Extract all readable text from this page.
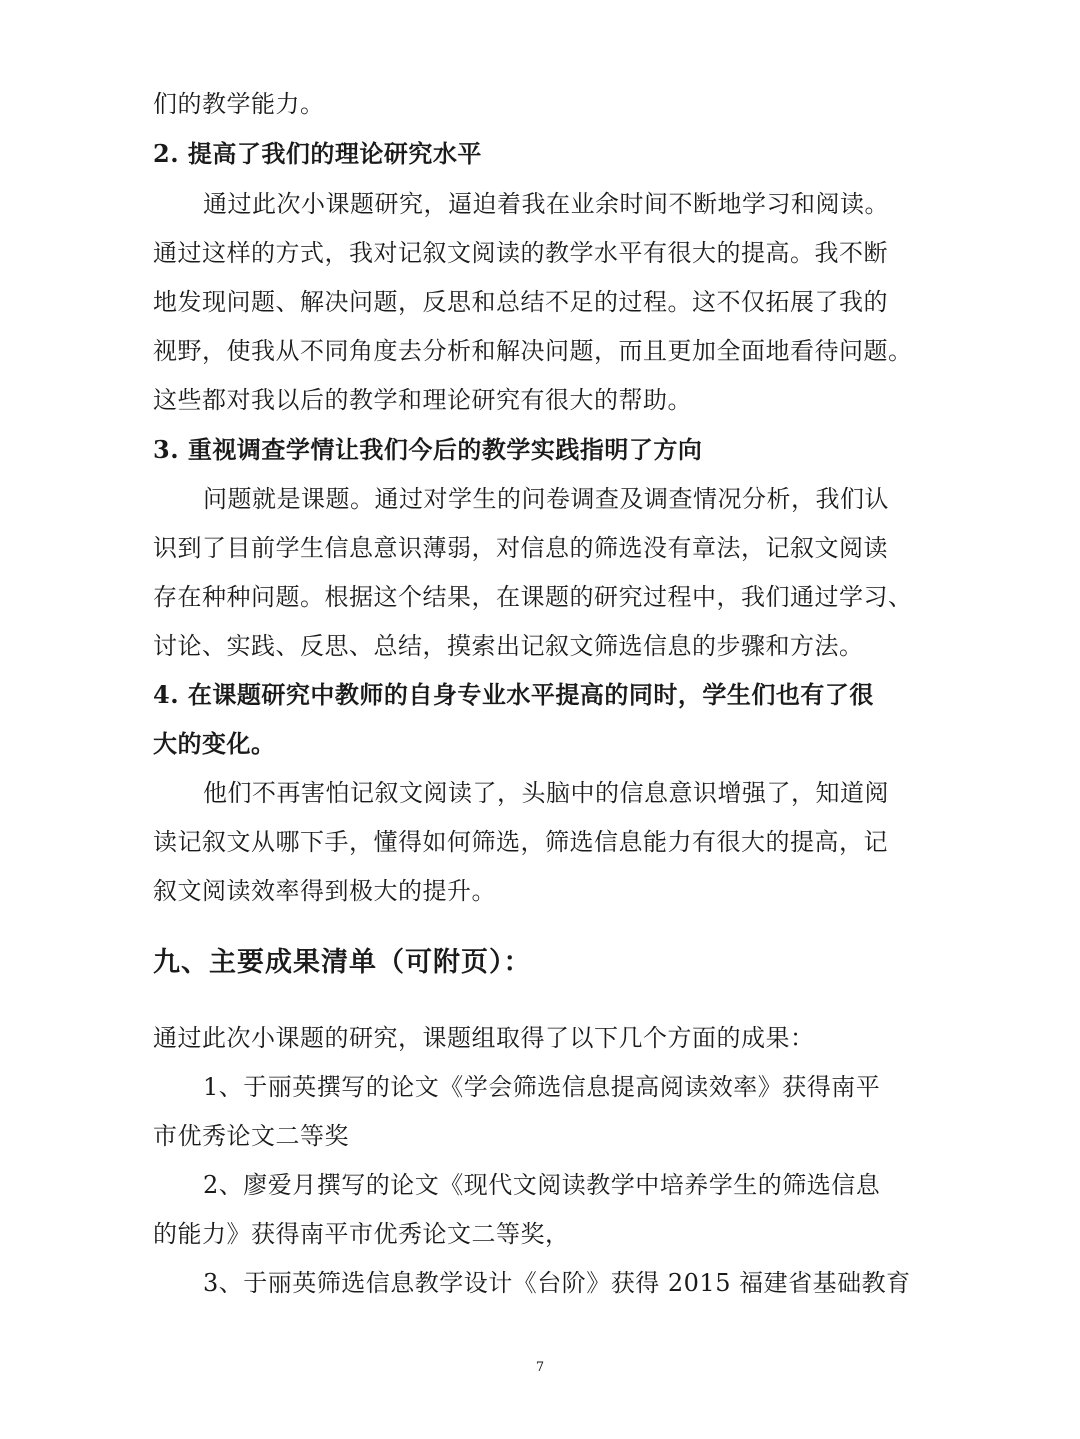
们的教学能力。
2. 提高了我们的理论研究水平
通过此次小课题研究，逼迫着我在业余时间不断地学习和阅读。
通过这样的方式，我对记叙文阅读的教学水平有很大的提高。我不断
地发现问题、解决问题，反思和总结不足的过程。这不仅拓展了我的
视野，使我从不同角度去分析和解决问题，而且更加全面地看待问题。
这些都对我以后的教学和理论研究有很大的帮助。
3. 重视调查学情让我们今后的教学实践指明了方向
问题就是课题。通过对学生的问卷调查及调查情况分析，我们认
识到了目前学生信息意识薄弱，对信息的筛选没有章法，记叙文阅读
存在种种问题。根据这个结果，在课题的研究过程中，我们通过学习、
讨论、实践、反思、总结，摸索出记叙文筛选信息的步骤和方法。
4. 在课题研究中教师的自身专业水平提高的同时，学生们也有了很
大的变化。
他们不再害怕记叙文阅读了，头脑中的信息意识增强了，知道阅
读记叙文从哪下手，懂得如何筛选，筛选信息能力有很大的提高，记
叙文阅读效率得到极大的提升。
九、主要成果清单（可附页）：
通过此次小课题的研究，课题组取得了以下几个方面的成果：
1、于丽英撰写的论文《学会筛选信息提高阅读效率》获得南平
市优秀论文二等奖
2、廖爱月撰写的论文《现代文阅读教学中培养学生的筛选信息
的能力》获得南平市优秀论文二等奖，
3、于丽英筛选信息教学设计《台阶》获得 2015 福建省基础教育
7
